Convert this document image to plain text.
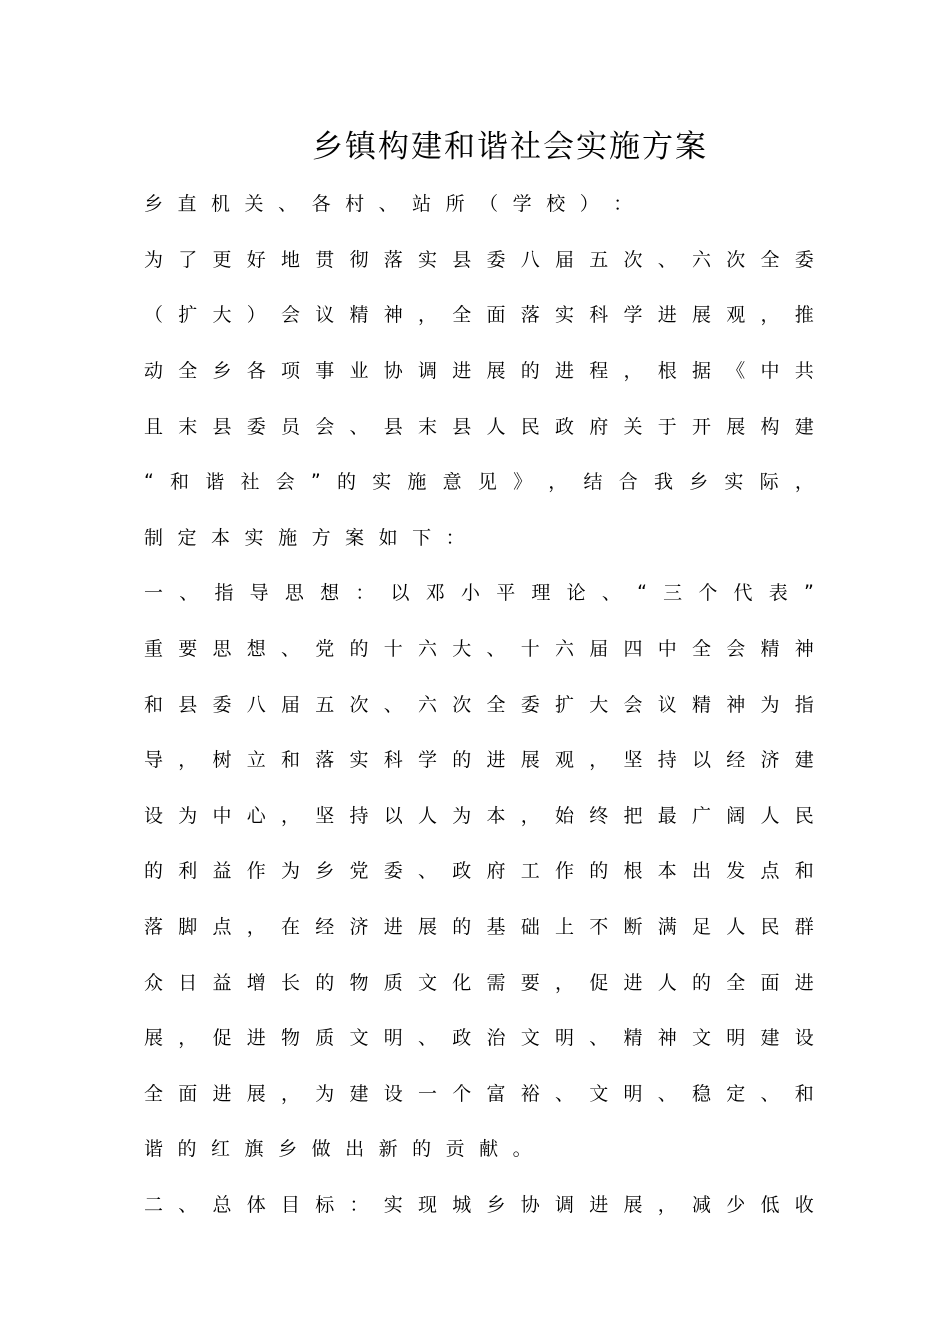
乡镇构建和谐社会实施方案
乡 直 机 关 、 各 村 、 站 所 （ 学 校 ） ：
为 了 更 好 地 贯 彻 落 实 县 委 八 届 五 次 、 六 次 全 委
（ 扩 大 ） 会 议 精 神 ， 全 面 落 实 科 学 进 展 观 ， 推
动 全 乡 各 项 事 业 协 调 进 展 的 进 程 ， 根 据 《 中 共
且 末 县 委 员 会 、 县 末 县 人 民 政 府 关 于 开 展 构 建
“ 和 谐 社 会 ” 的 实 施 意 见 》 ， 结 合 我 乡 实 际 ，
制 定 本 实 施 方 案 如 下 ：
一 、 指 导 思 想 ： 以 邓 小 平 理 论 、 “ 三 个 代 表 ”
重 要 思 想 、 党 的 十 六 大 、 十 六 届 四 中 全 会 精 神
和 县 委 八 届 五 次 、 六 次 全 委 扩 大 会 议 精 神 为 指
导 ， 树 立 和 落 实 科 学 的 进 展 观 ， 坚 持 以 经 济 建
设 为 中 心 ， 坚 持 以 人 为 本 ， 始 终 把 最 广 阔 人 民
的 利 益 作 为 乡 党 委 、 政 府 工 作 的 根 本 出 发 点 和
落 脚 点 ， 在 经 济 进 展 的 基 础 上 不 断 满 足 人 民 群
众 日 益 增 长 的 物 质 文 化 需 要 ， 促 进 人 的 全 面 进
展 ， 促 进 物 质 文 明 、 政 治 文 明 、 精 神 文 明 建 设
全 面 进 展 ， 为 建 设 一 个 富 裕 、 文 明 、 稳 定 、 和
谐 的 红 旗 乡 做 出 新 的 贡 献 。
二 、 总 体 目 标 ： 实 现 城 乡 协 调 进 展 ， 减 少 低 收
